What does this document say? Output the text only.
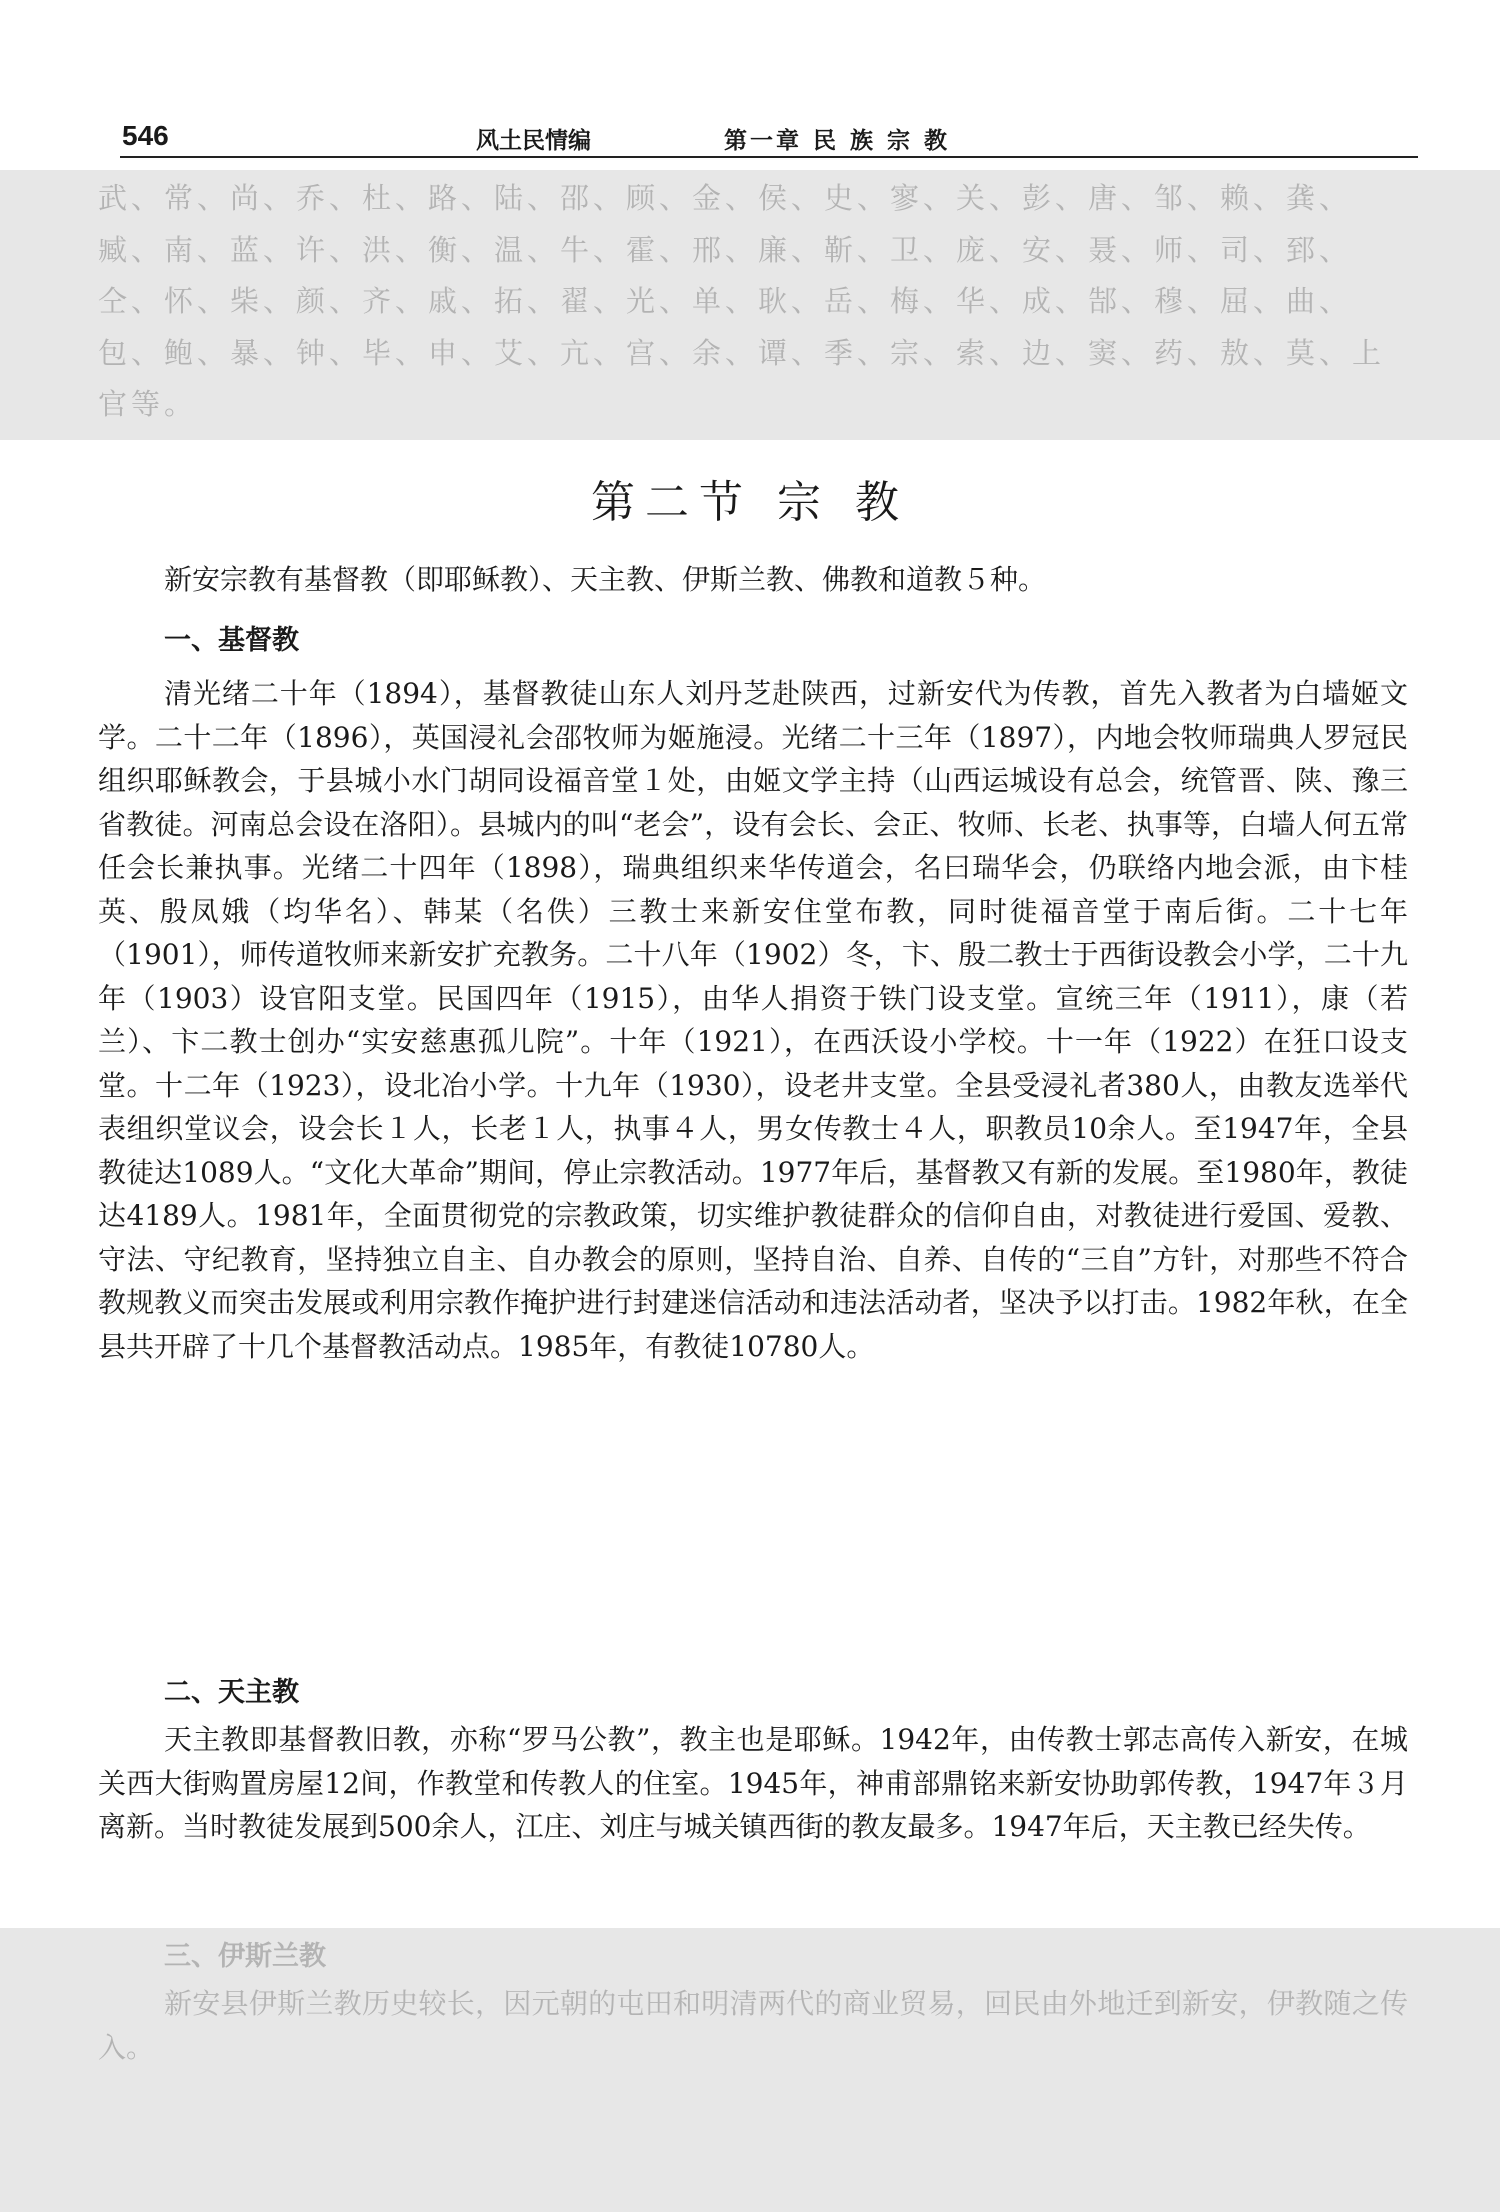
546	风土民情编	第一章 民 族 宗 教

武、常、尚、乔、杜、路、陆、邵、顾、金、侯、史、寥、关、彭、唐、邹、赖、龚、臧、南、蓝、许、洪、衡、温、牛、霍、邢、廉、靳、卫、庞、安、聂、师、司、郅、仝、怀、柴、颜、齐、戚、拓、翟、光、单、耿、岳、梅、华、成、郜、穆、屈、曲、包、鲍、暴、钟、毕、申、艾、亢、宫、余、谭、季、宗、索、边、窦、药、敖、莫、上官等。

第二节 宗 教

新安宗教有基督教（即耶稣教）、天主教、伊斯兰教、佛教和道教５种。

一、基督教

清光绪二十年（1894），基督教徒山东人刘丹芝赴陕西，过新安代为传教，首先入教者为白墙姬文学。二十二年（1896），英国浸礼会邵牧师为姬施浸。光绪二十三年（1897），内地会牧师瑞典人罗冠民组织耶稣教会，于县城小水门胡同设福音堂１处，由姬文学主持（山西运城设有总会，统管晋、陕、豫三省教徒。河南总会设在洛阳）。县城内的叫“老会”，设有会长、会正、牧师、长老、执事等，白墙人何五常任会长兼执事。光绪二十四年（1898），瑞典组织来华传道会，名曰瑞华会，仍联络内地会派，由卞桂英、殷凤娥（均华名）、韩某（名佚）三教士来新安住堂布教，同时徙福音堂于南后街。二十七年（1901），师传道牧师来新安扩充教务。二十八年（1902）冬，卞、殷二教士于西街设教会小学，二十九年（1903）设官阳支堂。民国四年（1915），由华人捐资于铁门设支堂。宣统三年（1911），康（若兰）、卞二教士创办“实安慈惠孤儿院”。十年（1921），在西沃设小学校。十一年（1922）在狂口设支堂。十二年（1923），设北冶小学。十九年（1930），设老井支堂。全县受浸礼者380人，由教友选举代表组织堂议会，设会长１人，长老１人，执事４人，男女传教士４人，职教员10余人。至1947年，全县教徒达1089人。“文化大革命”期间，停止宗教活动。1977年后，基督教又有新的发展。至1980年，教徒达4189人。1981年，全面贯彻党的宗教政策，切实维护教徒群众的信仰自由，对教徒进行爱国、爱教、守法、守纪教育，坚持独立自主、自办教会的原则，坚持自治、自养、自传的“三自”方针，对那些不符合教规教义而突击发展或利用宗教作掩护进行封建迷信活动和违法活动者，坚决予以打击。1982年秋，在全县共开辟了十几个基督教活动点。1985年，有教徒10780人。

二、天主教

天主教即基督教旧教，亦称“罗马公教”，教主也是耶稣。1942年，由传教士郭志高传入新安，在城关西大街购置房屋12间，作教堂和传教人的住室。1945年，神甫部鼎铭来新安协助郭传教，1947年３月离新。当时教徒发展到500余人，江庄、刘庄与城关镇西街的教友最多。1947年后，天主教已经失传。

三、伊斯兰教

新安县伊斯兰教历史较长，因元朝的屯田和明清两代的商业贸易，回民由外地迁到新安，伊教随之传入。
